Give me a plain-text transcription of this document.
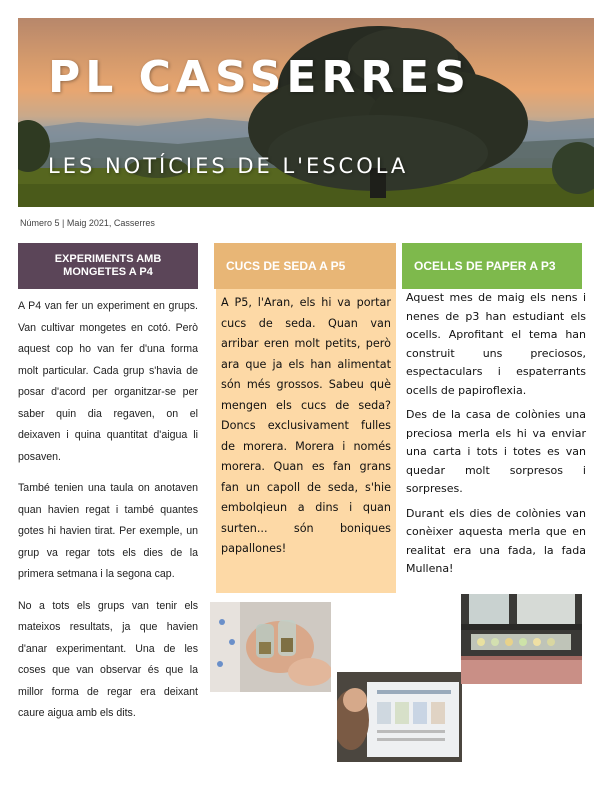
PL CASSERRES
LES NOTÍCIES DE L'ESCOLA
Número 5 | Maig 2021, Casserres
EXPERIMENTS AMB MONGETES A P4	CUCS DE SEDA A P5	OCELLS DE PAPER A P3

A P4 van fer un experiment en grups. Van cultivar mongetes en cotó. Però aquest cop ho van fer d'una forma molt particular. Cada grup s'havia de posar d'acord per organitzar-se per saber quin dia regaven, on el deixaven i quina quantitat d'aigua li posaven.

També tenien una taula on anotaven quan havien regat i també quantes gotes hi havien tirat. Per exemple, un grup va regar tots els dies de la primera setmana i la segona cap.

No a tots els grups van tenir els mateixos resultats, ja que havien d'anar experimentant. Una de les coses que van observar és que la millor forma de regar era deixant caure aigua amb els dits.

A P5, l'Aran, els hi va portar cucs de seda. Quan van arribar eren molt petits, però ara que ja els han alimentat són més grossos. Sabeu què mengen els cucs de seda? Doncs exclusivament fulles de morera. Morera i només morera. Quan es fan grans fan un capoll de seda, s'hie embolqieun a dins i quan surten... són boniques papallones!

Aquest mes de maig els nens i nenes de p3 han estudiant els ocells. Aprofitant el tema han construit uns preciosos, espectaculars i espaterrants ocells de papiroflexia.

Des de la casa de colònies una preciosa merla els hi va enviar una carta i tots i totes es van quedar molt sorpresos i sorpreses.

Durant els dies de colònies van conèixer aquesta merla que en realitat era una fada, la fada Mullena!
